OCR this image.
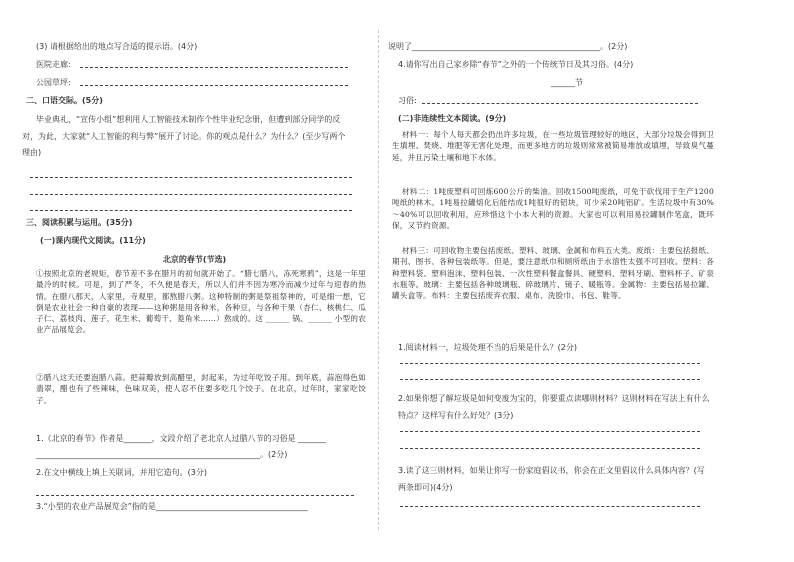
(3) 请根据给出的地点写合适的提示语。(4分)
医院走廊:
公园草坪:
二、口语交际。(5分)
毕业典礼，“宣传小组”想利用人工智能技术制作个性毕业纪念册，但遭到部分同学的反
对，为此，大家就“人工智能的利与弊”展开了讨论。你的观点是什么？为什么？(至少写两个
理由)
三、阅读积累与运用。(35分)
(一)课内现代文阅读。(11分)
北京的春节(节选)
①按照北京的老规矩，春节差不多在腊月的初旬就开始了。“腊七腊八，冻死寒鸦”，这是一年里最冷的时候。可是，到了严冬，不久便是春天，所以人们并不因为寒冷而减少过年与迎春的热情。在腊八那天，人家里，寺观里，都熬腊八粥。这种特制的粥是祭祖祭神的，可是细一想，它倒是农业社会一种自豪的表现——这种粥是用各种米，各种豆，与各种干果（杏仁、核桃仁、瓜子仁、荔枝肉、莲子、花生米、葡萄干、菱角米……）熬成的。这 ______ 锅、______ 小型的农业产品展览会。
②腊八这天还要泡腊八蒜。把蒜瓣放到高醋里，封起来，为过年吃饺子用。到年底，蒜泡得色如翡翠，醋也有了些辣味，色味双美，使人忍不住要多吃几个饺子。在北京，过年时，家家吃饺子。
1.《北京的春节》作者是_______，文段介绍了老北京人过腊八节的习俗是 _______
________________________________________________________。(2分)
2.在文中横线上填上关联词，并用它造句。(3分)
3.“小型的农业产品展览会”指的是______________________________________
说明了_______________________________________________。(2分)
4.请你写出自己家乡除“春节”之外的一个传统节日及其习俗。(4分)
______节
习俗:
(二)非连续性文本阅读。(9分)
材料一：每个人每天都会扔出许多垃圾，在一些垃圾管理较好的地区，大部分垃圾会得到卫生填埋、焚烧、堆肥等无害化处理，而更多地方的垃圾则常常被简易堆放或填埋，导致臭气蔓延，并且污染土壤和地下水体。
材料二：1吨废塑料可回炼600公斤的柴油。回收1500吨废纸，可免于砍伐用于生产1200吨纸的林木。1吨易拉罐熔化后能结成1吨很好的铝块，可少采20吨铝矿。生活垃圾中有30%～40%可以回收利用，应珍惜这个小本大利的资源。大家也可以利用易拉罐制作笔盒，既环保，又节约资源。
材料三：可回收物主要包括废纸、塑料、玻璃、金属和布料五大类。废纸：主要包括报纸、期刊、图书、各种包装纸等。但是，要注意纸巾和厕所纸由于水溶性太强不可回收。塑料：各种塑料袋、塑料泡沫、塑料包装、一次性塑料餐盒餐具、硬塑料、塑料牙刷、塑料杯子、矿泉水瓶等。玻璃：主要包括各种玻璃瓶、碎玻璃片、镜子、暖瓶等。金属物：主要包括易拉罐、罐头盒等。布料：主要包括废弃衣服、桌布、洗脸巾、书包、鞋等。
1.阅读材料一，垃圾处理不当的后果是什么？(2分)
2.如果你想了解垃圾是如何变废为宝的，你要重点读哪则材料？这则材料在写法上有什么
特点？这样写有什么好处？(3分)
3.读了这三则材料，如果让你写一份家庭倡议书，你会在正文里倡议什么具体内容？(写
两条即可)(4分)
